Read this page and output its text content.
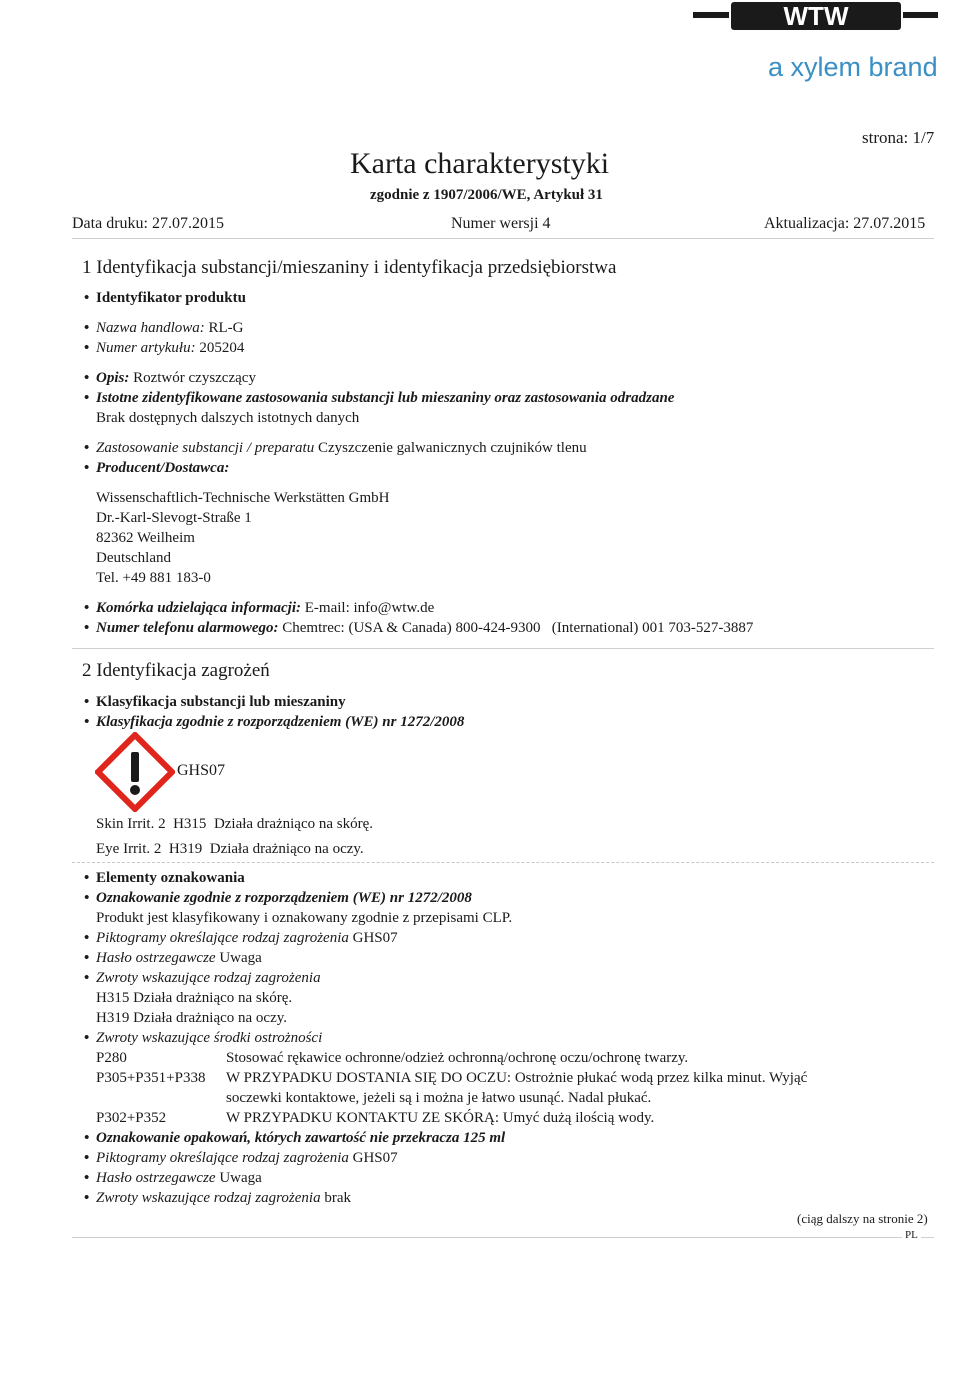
WTW
a xylem brand
strona: 1/7
Karta charakterystyki
zgodnie z 1907/2006/WE, Artykuł 31
Data druku: 27.07.2015	Numer wersji 4	Aktualizacja: 27.07.2015
1 Identyfikacja substancji/mieszaniny i identyfikacja przedsiębiorstwa
• Identyfikator produktu
• Nazwa handlowa: RL-G
• Numer artykułu: 205204
• Opis: Roztwór czyszczący
• Istotne zidentyfikowane zastosowania substancji lub mieszaniny oraz zastosowania odradzane
Brak dostępnych dalszych istotnych danych
• Zastosowanie substancji / preparatu Czyszczenie galwanicznych czujników tlenu
• Producent/Dostawca:
Wissenschaftlich-Technische Werkstätten GmbH
Dr.-Karl-Slevogt-Straße 1
82362 Weilheim
Deutschland
Tel. +49 881 183-0
• Komórka udzielająca informacji: E-mail: info@wtw.de
• Numer telefonu alarmowego: Chemtrec: (USA & Canada) 800-424-9300   (International) 001 703-527-3887
2 Identyfikacja zagrożeń
• Klasyfikacja substancji lub mieszaniny
• Klasyfikacja zgodnie z rozporządzeniem (WE) nr 1272/2008
GHS07
Skin Irrit. 2 H315 Działa drażniąco na skórę.
Eye Irrit. 2 H319 Działa drażniąco na oczy.
• Elementy oznakowania
• Oznakowanie zgodnie z rozporządzeniem (WE) nr 1272/2008
Produkt jest klasyfikowany i oznakowany zgodnie z przepisami CLP.
• Piktogramy określające rodzaj zagrożenia GHS07
• Hasło ostrzegawcze Uwaga
• Zwroty wskazujące rodzaj zagrożenia
H315 Działa drażniąco na skórę.
H319 Działa drażniąco na oczy.
• Zwroty wskazujące środki ostrożności
P280	Stosować rękawice ochronne/odzież ochronną/ochronę oczu/ochronę twarzy.
P305+P351+P338 W PRZYPADKU DOSTANIA SIĘ DO OCZU: Ostrożnie płukać wodą przez kilka minut. Wyjąć
soczewki kontaktowe, jeżeli są i można je łatwo usunąć. Nadal płukać.
P302+P352	W PRZYPADKU KONTAKTU ZE SKÓRĄ: Umyć dużą ilością wody.
• Oznakowanie opakowań, których zawartość nie przekracza 125 ml
• Piktogramy określające rodzaj zagrożenia GHS07
• Hasło ostrzegawcze Uwaga
• Zwroty wskazujące rodzaj zagrożenia brak
(ciąg dalszy na stronie 2)
PL
